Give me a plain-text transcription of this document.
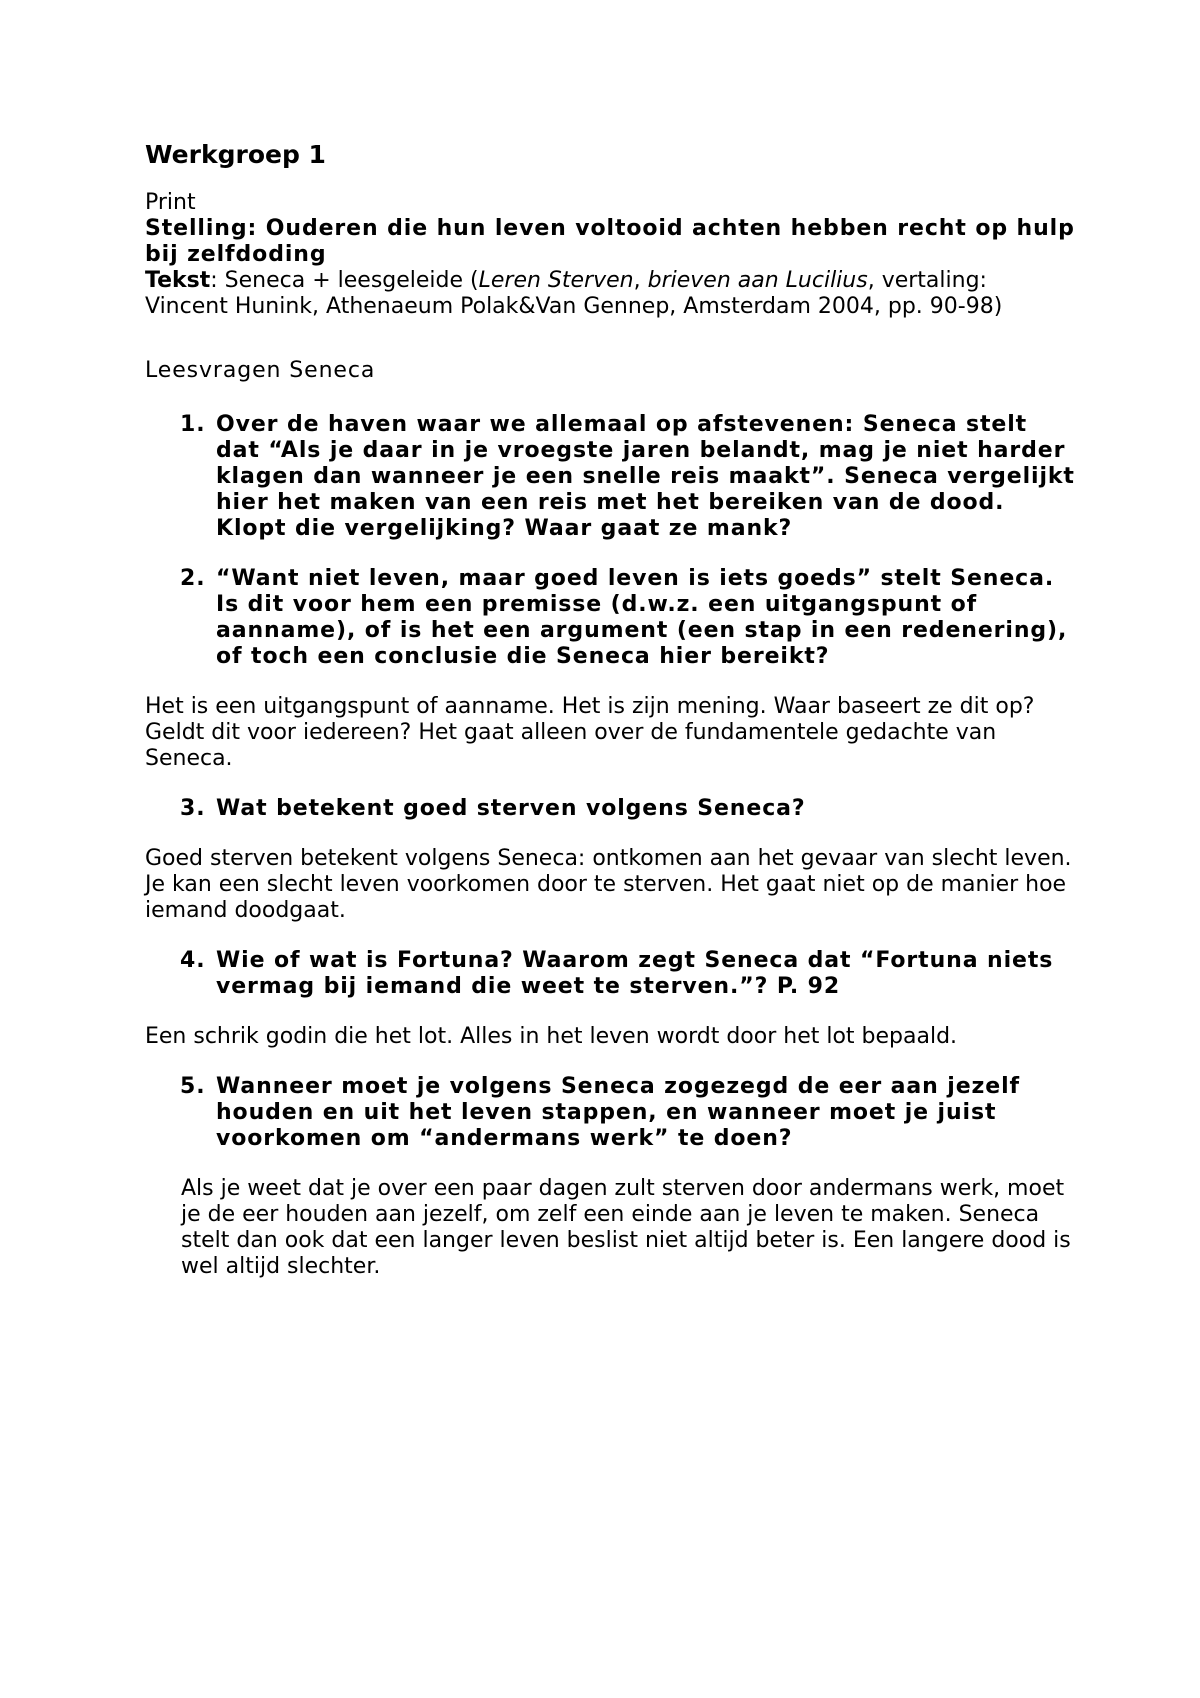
Werkgroep 1

Print

Stelling: Ouderen die hun leven voltooid achten hebben recht op hulp bij zelfdoding

Tekst: Seneca + leesgeleide (Leren Sterven, brieven aan Lucilius, vertaling: Vincent Hunink, Athenaeum Polak&Van Gennep, Amsterdam 2004, pp. 90-98)

Leesvragen Seneca

1. Over de haven waar we allemaal op afstevenen: Seneca stelt dat “Als je daar in je vroegste jaren belandt, mag je niet harder klagen dan wanneer je een snelle reis maakt”. Seneca vergelijkt hier het maken van een reis met het bereiken van de dood. Klopt die vergelijking? Waar gaat ze mank?
2. “Want niet leven, maar goed leven is iets goeds” stelt Seneca. Is dit voor hem een premisse (d.w.z. een uitgangspunt of aanname), of is het een argument (een stap in een redenering), of toch een conclusie die Seneca hier bereikt?

Het is een uitgangspunt of aanname. Het is zijn mening. Waar baseert ze dit op? Geldt dit voor iedereen? Het gaat alleen over de fundamentele gedachte van Seneca.

3. Wat betekent goed sterven volgens Seneca?

Goed sterven betekent volgens Seneca: ontkomen aan het gevaar van slecht leven. Je kan een slecht leven voorkomen door te sterven. Het gaat niet op de manier hoe iemand doodgaat.

4. Wie of wat is Fortuna? Waarom zegt Seneca dat “Fortuna niets vermag bij iemand die weet te sterven.”? P. 92

Een schrik godin die het lot. Alles in het leven wordt door het lot bepaald.

5. Wanneer moet je volgens Seneca zogezegd de eer aan jezelf houden en uit het leven stappen, en wanneer moet je juist voorkomen om “andermans werk” te doen?

Als je weet dat je over een paar dagen zult sterven door andermans werk, moet je de eer houden aan jezelf, om zelf een einde aan je leven te maken. Seneca stelt dan ook dat een langer leven beslist niet altijd beter is. Een langere dood is wel altijd slechter.
